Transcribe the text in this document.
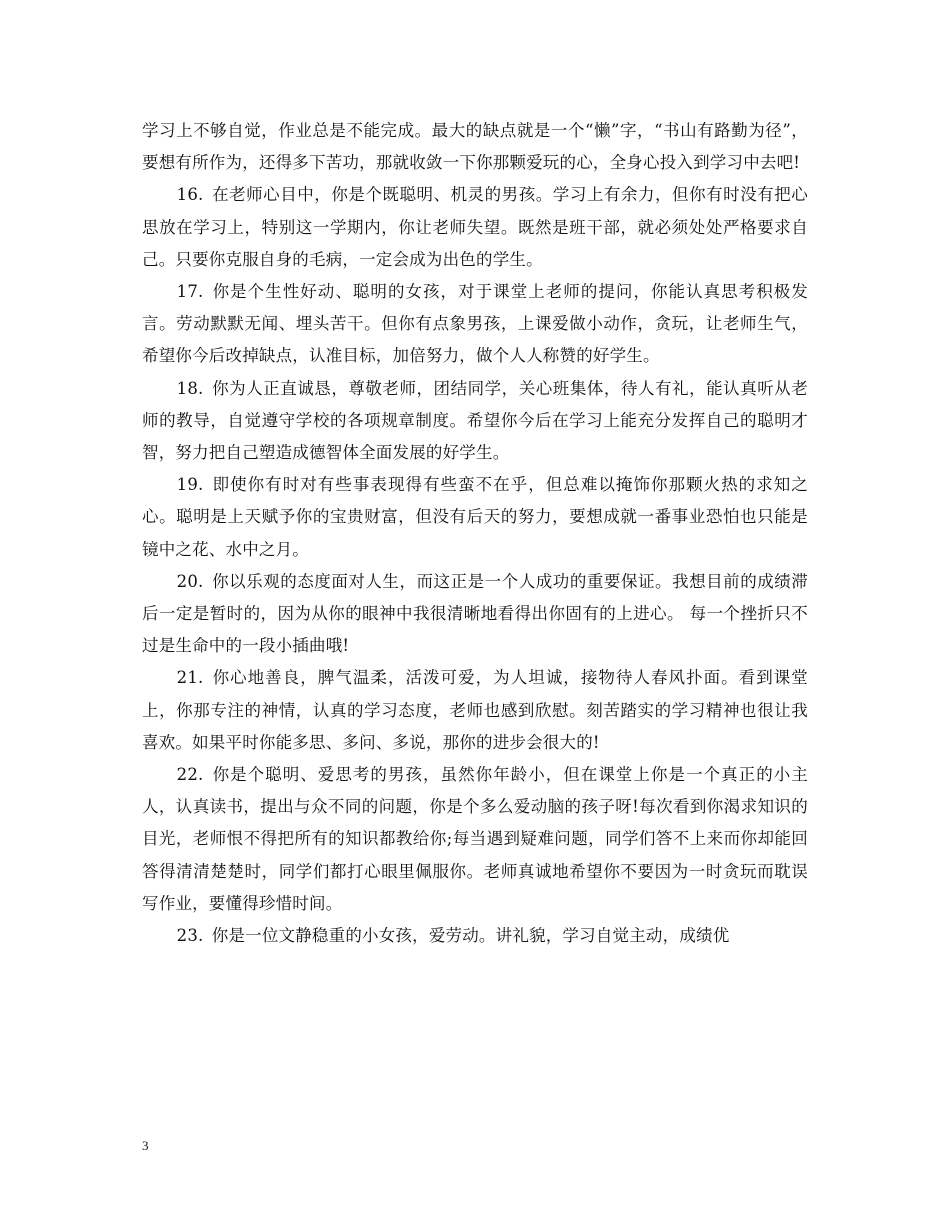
学习上不够自觉，作业总是不能完成。最大的缺点就是一个“懒”字，“书山有路勤为径”，要想有所作为，还得多下苦功，那就收敛一下你那颗爱玩的心，全身心投入到学习中去吧!

16. 在老师心目中，你是个既聪明、机灵的男孩。学习上有余力，但你有时没有把心思放在学习上，特别这一学期内，你让老师失望。既然是班干部，就必须处处严格要求自己。只要你克服自身的毛病，一定会成为出色的学生。

17. 你是个生性好动、聪明的女孩，对于课堂上老师的提问，你能认真思考积极发言。劳动默默无闻、埋头苦干。但你有点象男孩，上课爱做小动作，贪玩，让老师生气，希望你今后改掉缺点，认准目标，加倍努力，做个人人称赞的好学生。

18. 你为人正直诚恳，尊敬老师，团结同学，关心班集体，待人有礼，能认真听从老师的教导，自觉遵守学校的各项规章制度。希望你今后在学习上能充分发挥自己的聪明才智，努力把自己塑造成德智体全面发展的好学生。

19. 即使你有时对有些事表现得有些蛮不在乎，但总难以掩饰你那颗火热的求知之心。聪明是上天赋予你的宝贵财富，但没有后天的努力，要想成就一番事业恐怕也只能是镜中之花、水中之月。

20. 你以乐观的态度面对人生，而这正是一个人成功的重要保证。我想目前的成绩滞后一定是暂时的，因为从你的眼神中我很清晰地看得出你固有的上进心。 每一个挫折只不过是生命中的一段小插曲哦!

21. 你心地善良，脾气温柔，活泼可爱，为人坦诚，接物待人春风扑面。看到课堂上，你那专注的神情，认真的学习态度，老师也感到欣慰。刻苦踏实的学习精神也很让我喜欢。如果平时你能多思、多问、多说，那你的进步会很大的!

22. 你是个聪明、爱思考的男孩，虽然你年龄小，但在课堂上你是一个真正的小主人，认真读书，提出与众不同的问题，你是个多么爱动脑的孩子呀!每次看到你渴求知识的目光，老师恨不得把所有的知识都教给你;每当遇到疑难问题，同学们答不上来而你却能回答得清清楚楚时，同学们都打心眼里佩服你。老师真诚地希望你不要因为一时贪玩而耽误写作业，要懂得珍惜时间。

23. 你是一位文静稳重的小女孩，爱劳动。讲礼貌，学习自觉主动，成绩优

3
